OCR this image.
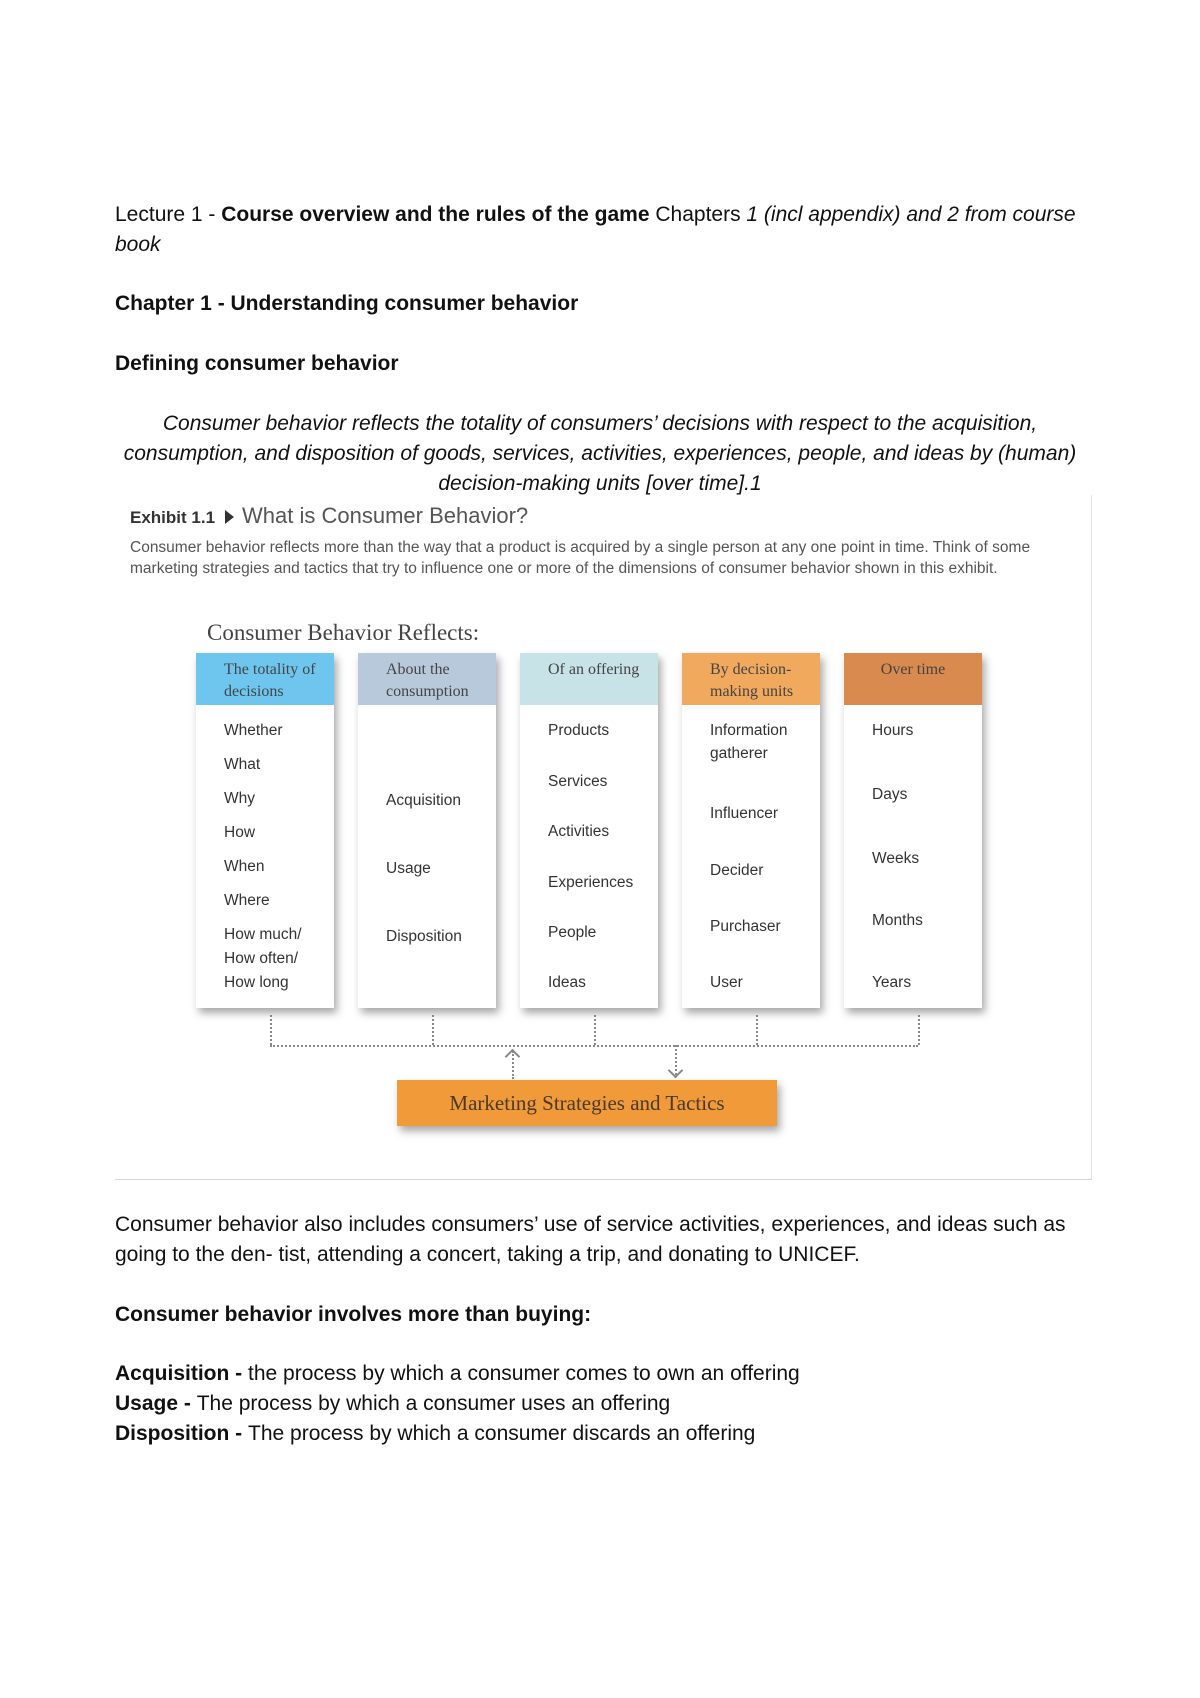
Lecture 1 - Course overview and the rules of the game Chapters 1 (incl appendix) and 2 from course book
Chapter 1 - Understanding consumer behavior
Defining consumer behavior
Consumer behavior reflects the totality of consumers’ decisions with respect to the acquisition, consumption, and disposition of goods, services, activities, experiences, people, and ideas by (human) decision-making units [over time].1
Exhibit 1.1 What is Consumer Behavior?
Consumer behavior reflects more than the way that a product is acquired by a single person at any one point in time. Think of some marketing strategies and tactics that try to influence one or more of the dimensions of consumer behavior shown in this exhibit.
Consumer Behavior Reflects:
The totality of decisions
Whether
What
Why
How
When
Where
How much/
How often/
How long
About the consumption
Acquisition
Usage
Disposition
Of an offering
Products
Services
Activities
Experiences
People
Ideas
By decision-making units
Information gatherer
Influencer
Decider
Purchaser
User
Over time
Hours
Days
Weeks
Months
Years
Marketing Strategies and Tactics
Consumer behavior also includes consumers’ use of service activities, experiences, and ideas such as going to the den- tist, attending a concert, taking a trip, and donating to UNICEF.
Consumer behavior involves more than buying:
Acquisition - the process by which a consumer comes to own an offering
Usage - The process by which a consumer uses an offering
Disposition - The process by which a consumer discards an offering
